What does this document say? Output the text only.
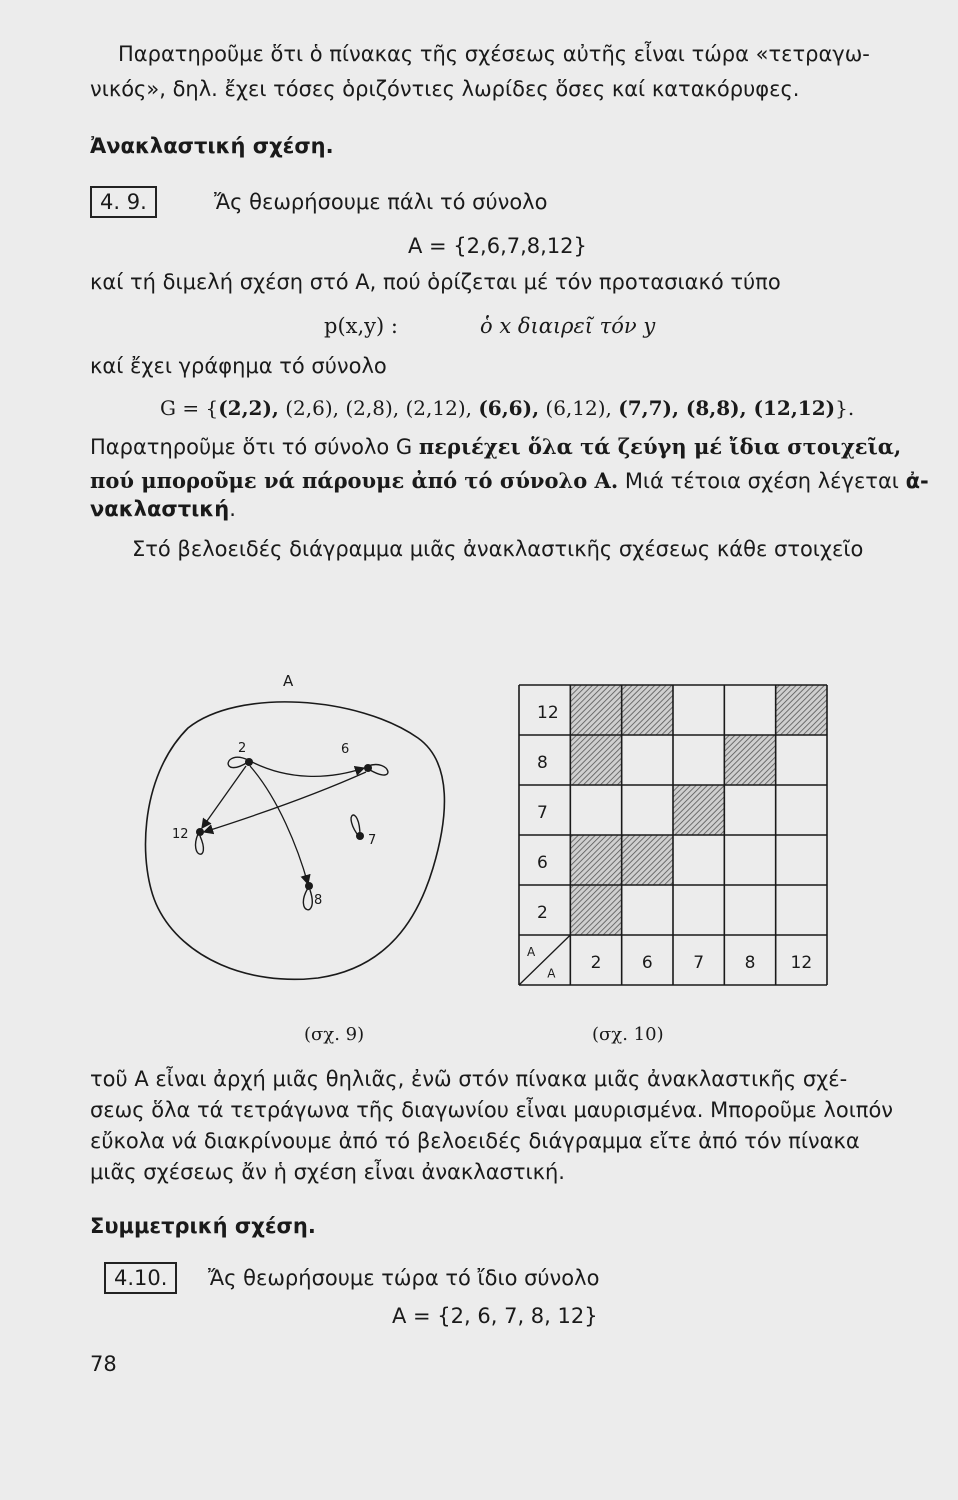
Παρατηροῦμε ὅτι ὁ πίνακας τῆς σχέσεως αὐτῆς εἶναι τώρα «τετραγω-
νικός», δηλ. ἔχει τόσες ὁριζόντιες λωρίδες ὅσες καί κατακόρυφες.
Ἀνακλαστική σχέση.
4. 9.	Ἄς θεωρήσουμε πάλι τό σύνολο
A = {2,6,7,8,12}
καί τή διμελή σχέση στό A, πού ὁρίζεται μέ τόν προτασιακό τύπο
p(x,y) :	ὁ x διαιρεῖ τόν y
καί ἔχει γράφημα τό σύνολο
G = {(2,2), (2,6), (2,8), (2,12), (6,6), (6,12), (7,7), (8,8), (12,12)}.
Παρατηροῦμε ὅτι τό σύνολο G περιέχει ὅλα τά ζεύγη μέ ἴδια στοιχεῖα,
πού μποροῦμε νά πάρουμε ἀπό τό σύνολο A. Μιά τέτοια σχέση λέγεται ἀ-
νακλαστική.
Στό βελοειδές διάγραμμα μιᾶς ἀνακλαστικῆς σχέσεως κάθε στοιχεῖο
A
2	6
12	7
8
12
8
7
6
2
2 6 7 8 12
A
A
(σχ. 9)	(σχ. 10)
τοῦ A εἶναι ἀρχή μιᾶς θηλιᾶς, ἐνῶ στόν πίνακα μιᾶς ἀνακλαστικῆς σχέ-
σεως ὅλα τά τετράγωνα τῆς διαγωνίου εἶναι μαυρισμένα. Μποροῦμε λοιπόν
εὔκολα νά διακρίνουμε ἀπό τό βελοειδές διάγραμμα εἴτε ἀπό τόν πίνακα
μιᾶς σχέσεως ἄν ἡ σχέση εἶναι ἀνακλαστική.
Συμμετρική σχέση.
4.10.	Ἄς θεωρήσουμε τώρα τό ἴδιο σύνολο
A = {2, 6, 7, 8, 12}
78
